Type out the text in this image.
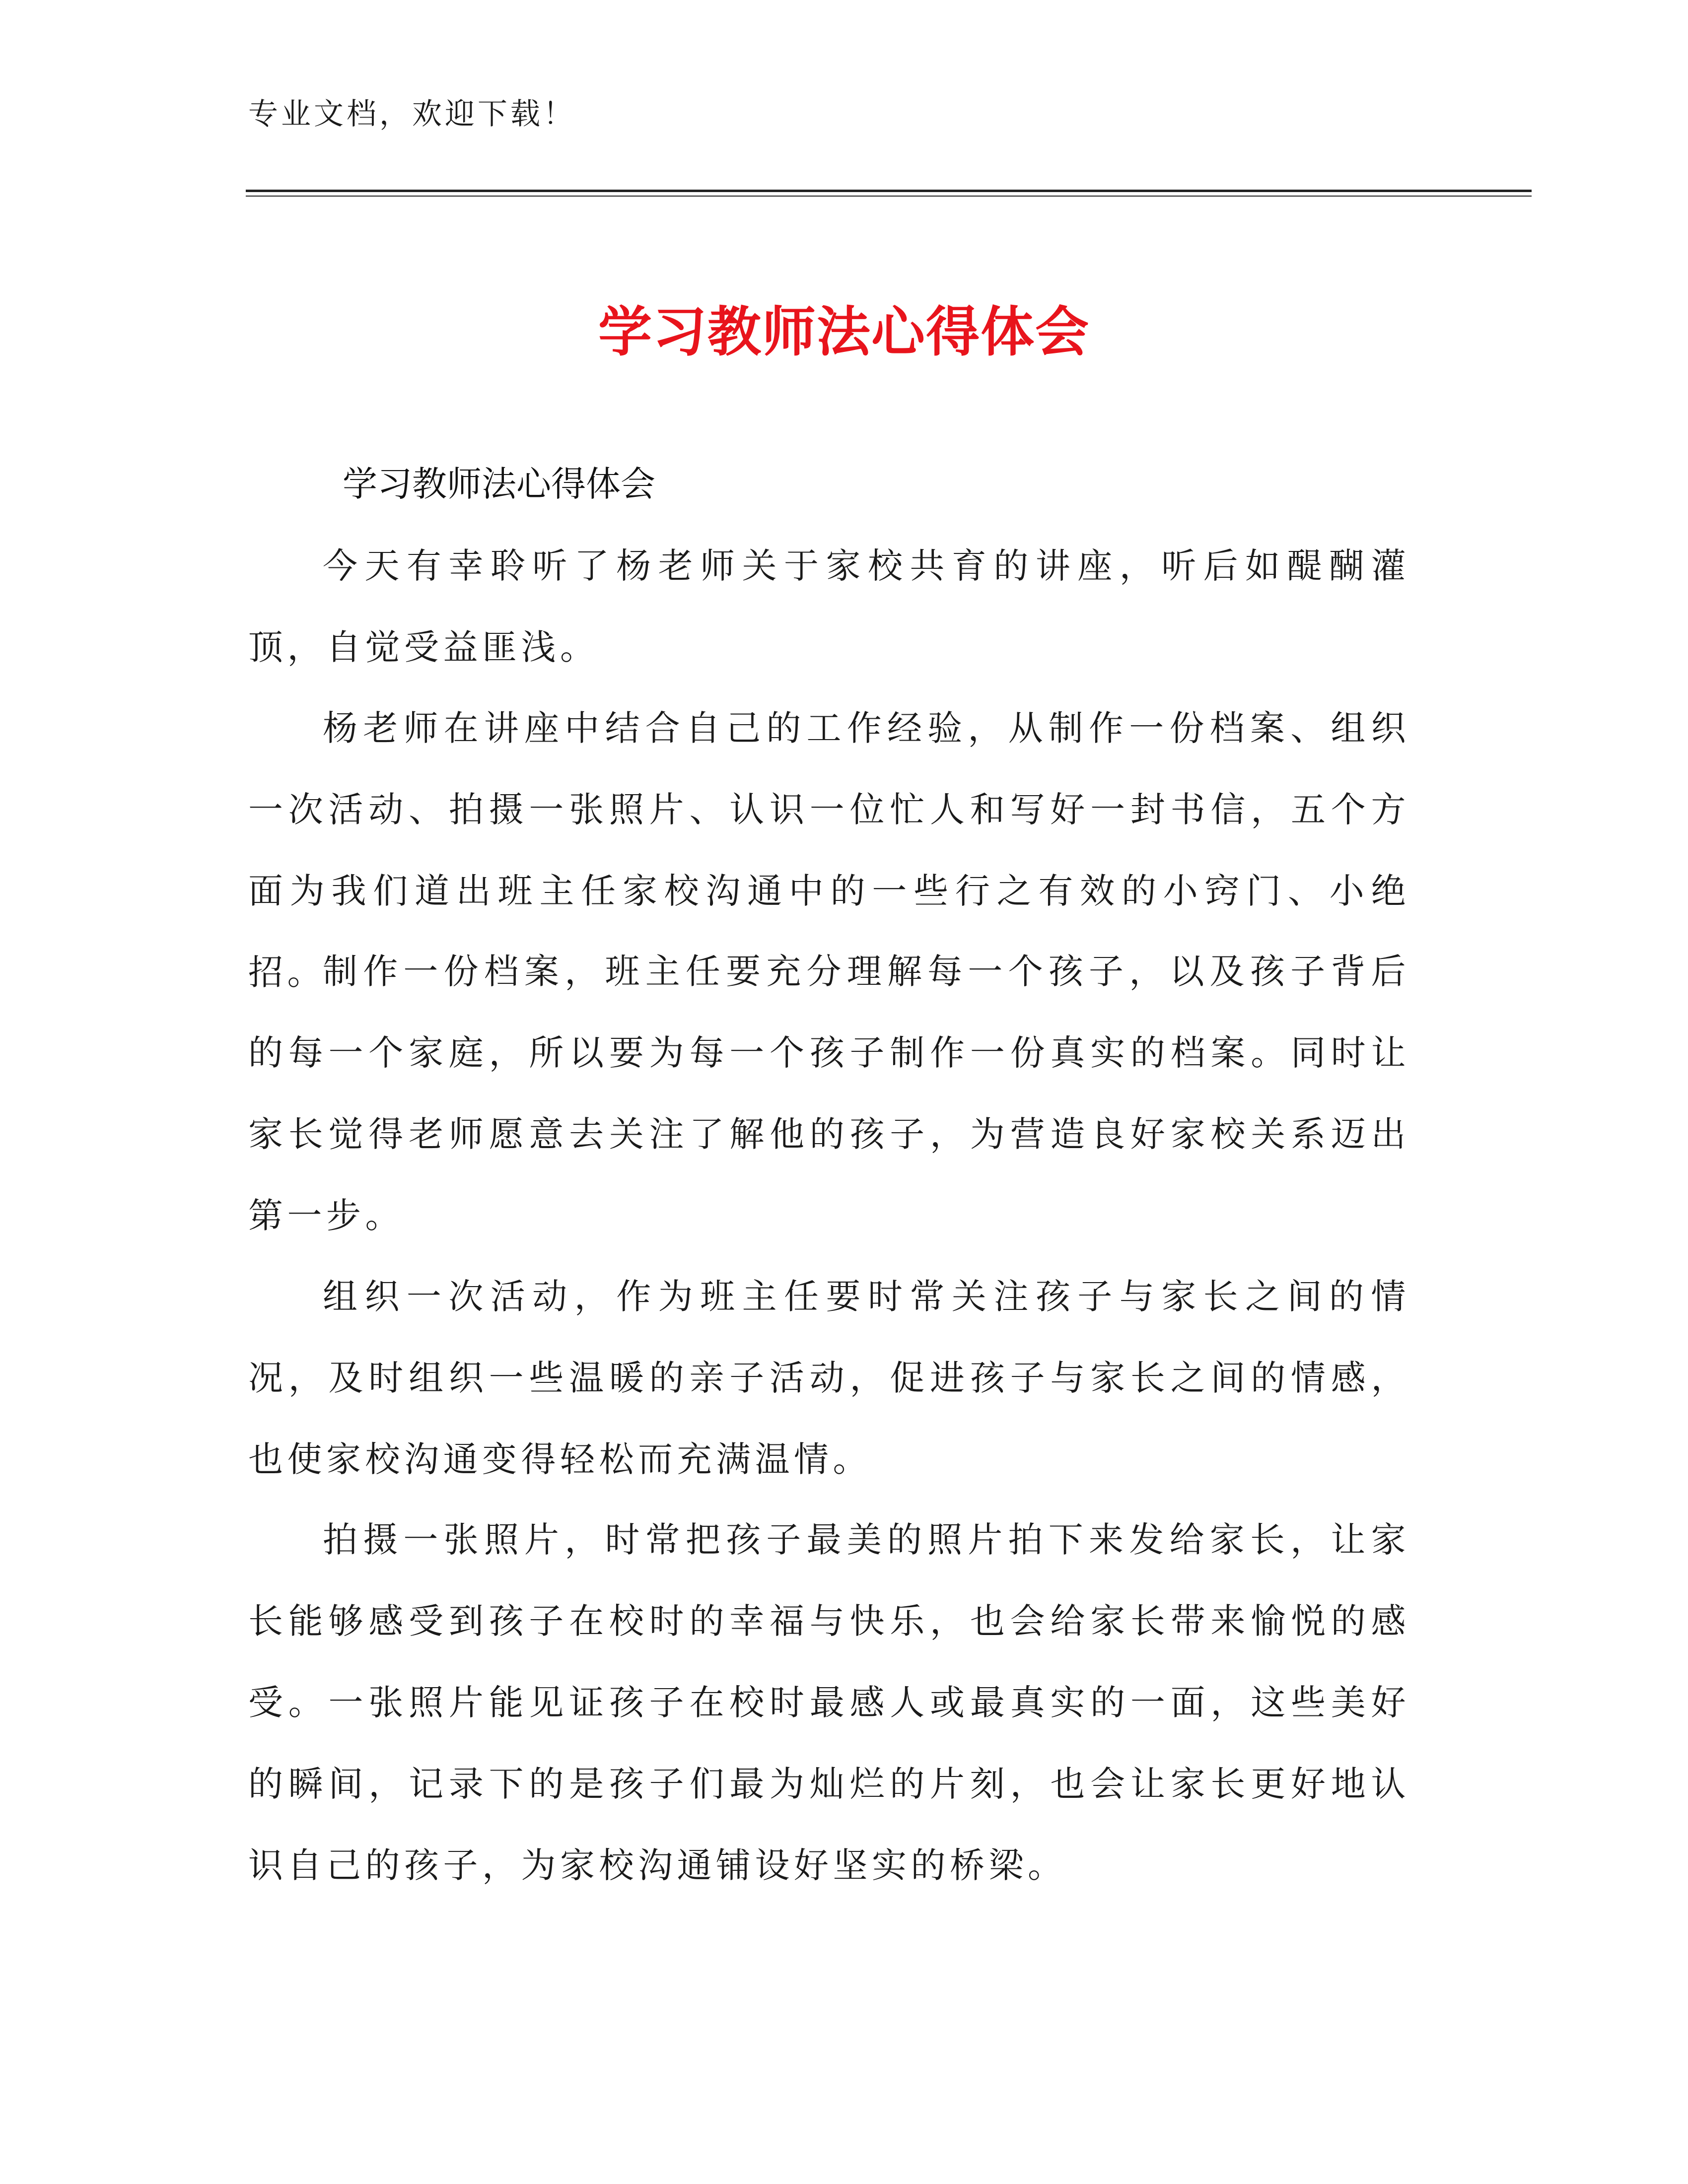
专业文档，欢迎下载！
学习教师法心得体会
学习教师法心得体会

今天有幸聆听了杨老师关于家校共育的讲座，听后如醍醐灌顶，自觉受益匪浅。

杨老师在讲座中结合自己的工作经验，从制作一份档案、组织一次活动、拍摄一张照片、认识一位忙人和写好一封书信，五个方面为我们道出班主任家校沟通中的一些行之有效的小窍门、小绝招。

制作一份档案，班主任要充分理解每一个孩子，以及孩子背后的每一个家庭，所以要为每一个孩子制作一份真实的档案。同时让家长觉得老师愿意去关注了解他的孩子，为营造良好家校关系迈出第一步。

组织一次活动，作为班主任要时常关注孩子与家长之间的情况，及时组织一些温暖的亲子活动，促进孩子与家长之间的情感，也使家校沟通变得轻松而充满温情。

拍摄一张照片，时常把孩子最美的照片拍下来发给家长，让家长能够感受到孩子在校时的幸福与快乐，也会给家长带来愉悦的感受。一张照片能见证孩子在校时最感人或最真实的一面，这些美好的瞬间，记录下的是孩子们最为灿烂的片刻，也会让家长更好地认识自己的孩子，为家校沟通铺设好坚实的桥梁。
